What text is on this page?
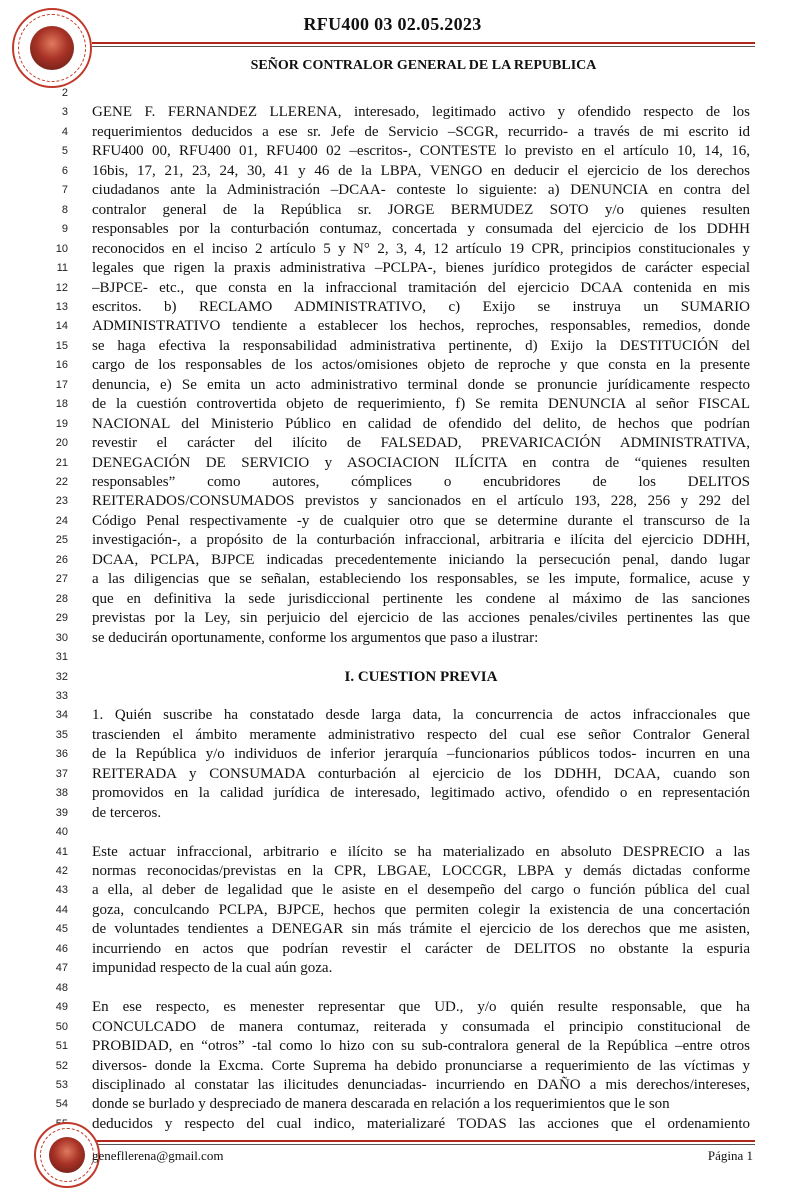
RFU400 03 02.05.2023
SEÑOR CONTRALOR GENERAL DE LA REPUBLICA
2
3 GENE F. FERNANDEZ LLERENA, interesado, legitimado activo y ofendido respecto de los
4 requerimientos deducidos a ese sr. Jefe de Servicio –SCGR, recurrido- a través de mi escrito id
5 RFU400 00, RFU400 01, RFU400 02 –escritos-, CONTESTE lo previsto en el artículo 10, 14, 16,
6 16bis, 17, 21, 23, 24, 30, 41 y 46 de la LBPA, VENGO en deducir el ejercicio de los derechos
7 ciudadanos ante la Administración –DCAA- conteste lo siguiente: a) DENUNCIA en contra del
8 contralor general de la República sr. JORGE BERMUDEZ SOTO y/o quienes resulten
9 responsables por la conturbación contumaz, concertada y consumada del ejercicio de los DDHH
10 reconocidos en el inciso 2 artículo 5 y N° 2, 3, 4, 12 artículo 19 CPR, principios constitucionales y
11 legales que rigen la praxis administrativa –PCLPA-, bienes jurídico protegidos de carácter especial
12 –BJPCE- etc., que consta en la infraccional tramitación del ejercicio DCAA contenida en mis
13 escritos. b) RECLAMO ADMINISTRATIVO, c) Exijo se instruya un SUMARIO
14 ADMINISTRATIVO tendiente a establecer los hechos, reproches, responsables, remedios, donde
15 se haga efectiva la responsabilidad administrativa pertinente, d) Exijo la DESTITUCIÓN del
16 cargo de los responsables de los actos/omisiones objeto de reproche y que consta en la presente
17 denuncia, e) Se emita un acto administrativo terminal donde se pronuncie jurídicamente respecto
18 de la cuestión controvertida objeto de requerimiento, f) Se remita DENUNCIA al señor FISCAL
19 NACIONAL del Ministerio Público en calidad de ofendido del delito, de hechos que podrían
20 revestir el carácter del ilícito de FALSEDAD, PREVARICACIÓN ADMINISTRATIVA,
21 DENEGACIÓN DE SERVICIO y ASOCIACION ILÍCITA en contra de “quienes resulten
22 responsables” como autores, cómplices o encubridores de los DELITOS
23 REITERADOS/CONSUMADOS previstos y sancionados en el artículo 193, 228, 256 y 292 del
24 Código Penal respectivamente -y de cualquier otro que se determine durante el transcurso de la
25 investigación-, a propósito de la conturbación infraccional, arbitraria e ilícita del ejercicio DDHH,
26 DCAA, PCLPA, BJPCE indicadas precedentemente iniciando la persecución penal, dando lugar
27 a las diligencias que se señalan, estableciendo los responsables, se les impute, formalice, acuse y
28 que en definitiva la sede jurisdiccional pertinente les condene al máximo de las sanciones
29 previstas por la Ley, sin perjuicio del ejercicio de las acciones penales/civiles pertinentes las que
30 se deducirán oportunamente, conforme los argumentos que paso a ilustrar:
31
32	I. CUESTION PREVIA
33
34 1. Quién suscribe ha constatado desde larga data, la concurrencia de actos infraccionales que
35 trascienden el ámbito meramente administrativo respecto del cual ese señor Contralor General
36 de la República y/o individuos de inferior jerarquía –funcionarios públicos todos- incurren en una
37 REITERADA y CONSUMADA conturbación al ejercicio de los DDHH, DCAA, cuando son
38 promovidos en la calidad jurídica de interesado, legitimado activo, ofendido o en representación
39 de terceros.
40
41 Este actuar infraccional, arbitrario e ilícito se ha materializado en absoluto DESPRECIO a las
42 normas reconocidas/previstas en la CPR, LBGAE, LOCCGR, LBPA y demás dictadas conforme
43 a ella, al deber de legalidad que le asiste en el desempeño del cargo o función pública del cual
44 goza, conculcando PCLPA, BJPCE, hechos que permiten colegir la existencia de una concertación
45 de voluntades tendientes a DENEGAR sin más trámite el ejercicio de los derechos que me asisten,
46 incurriendo en actos que podrían revestir el carácter de DELITOS no obstante la espuria
47 impunidad respecto de la cual aún goza.
48
49 En ese respecto, es menester representar que UD., y/o quién resulte responsable, que ha
50 CONCULCADO de manera contumaz, reiterada y consumada el principio constitucional de
51 PROBIDAD, en “otros” -tal como lo hizo con su sub-contralora general de la República –entre otros
52 diversos- donde la Excma. Corte Suprema ha debido pronunciarse a requerimiento de las víctimas y
53 disciplinado al constatar las ilicitudes denunciadas- incurriendo en DAÑO a mis derechos/intereses,
54 donde se burlado y despreciado de manera descarada en relación a los requerimientos que le son
deducidos y respecto del cual indico, materializaré TODAS las acciones que el ordenamiento
genefllerena@gmail.com	Página 1
